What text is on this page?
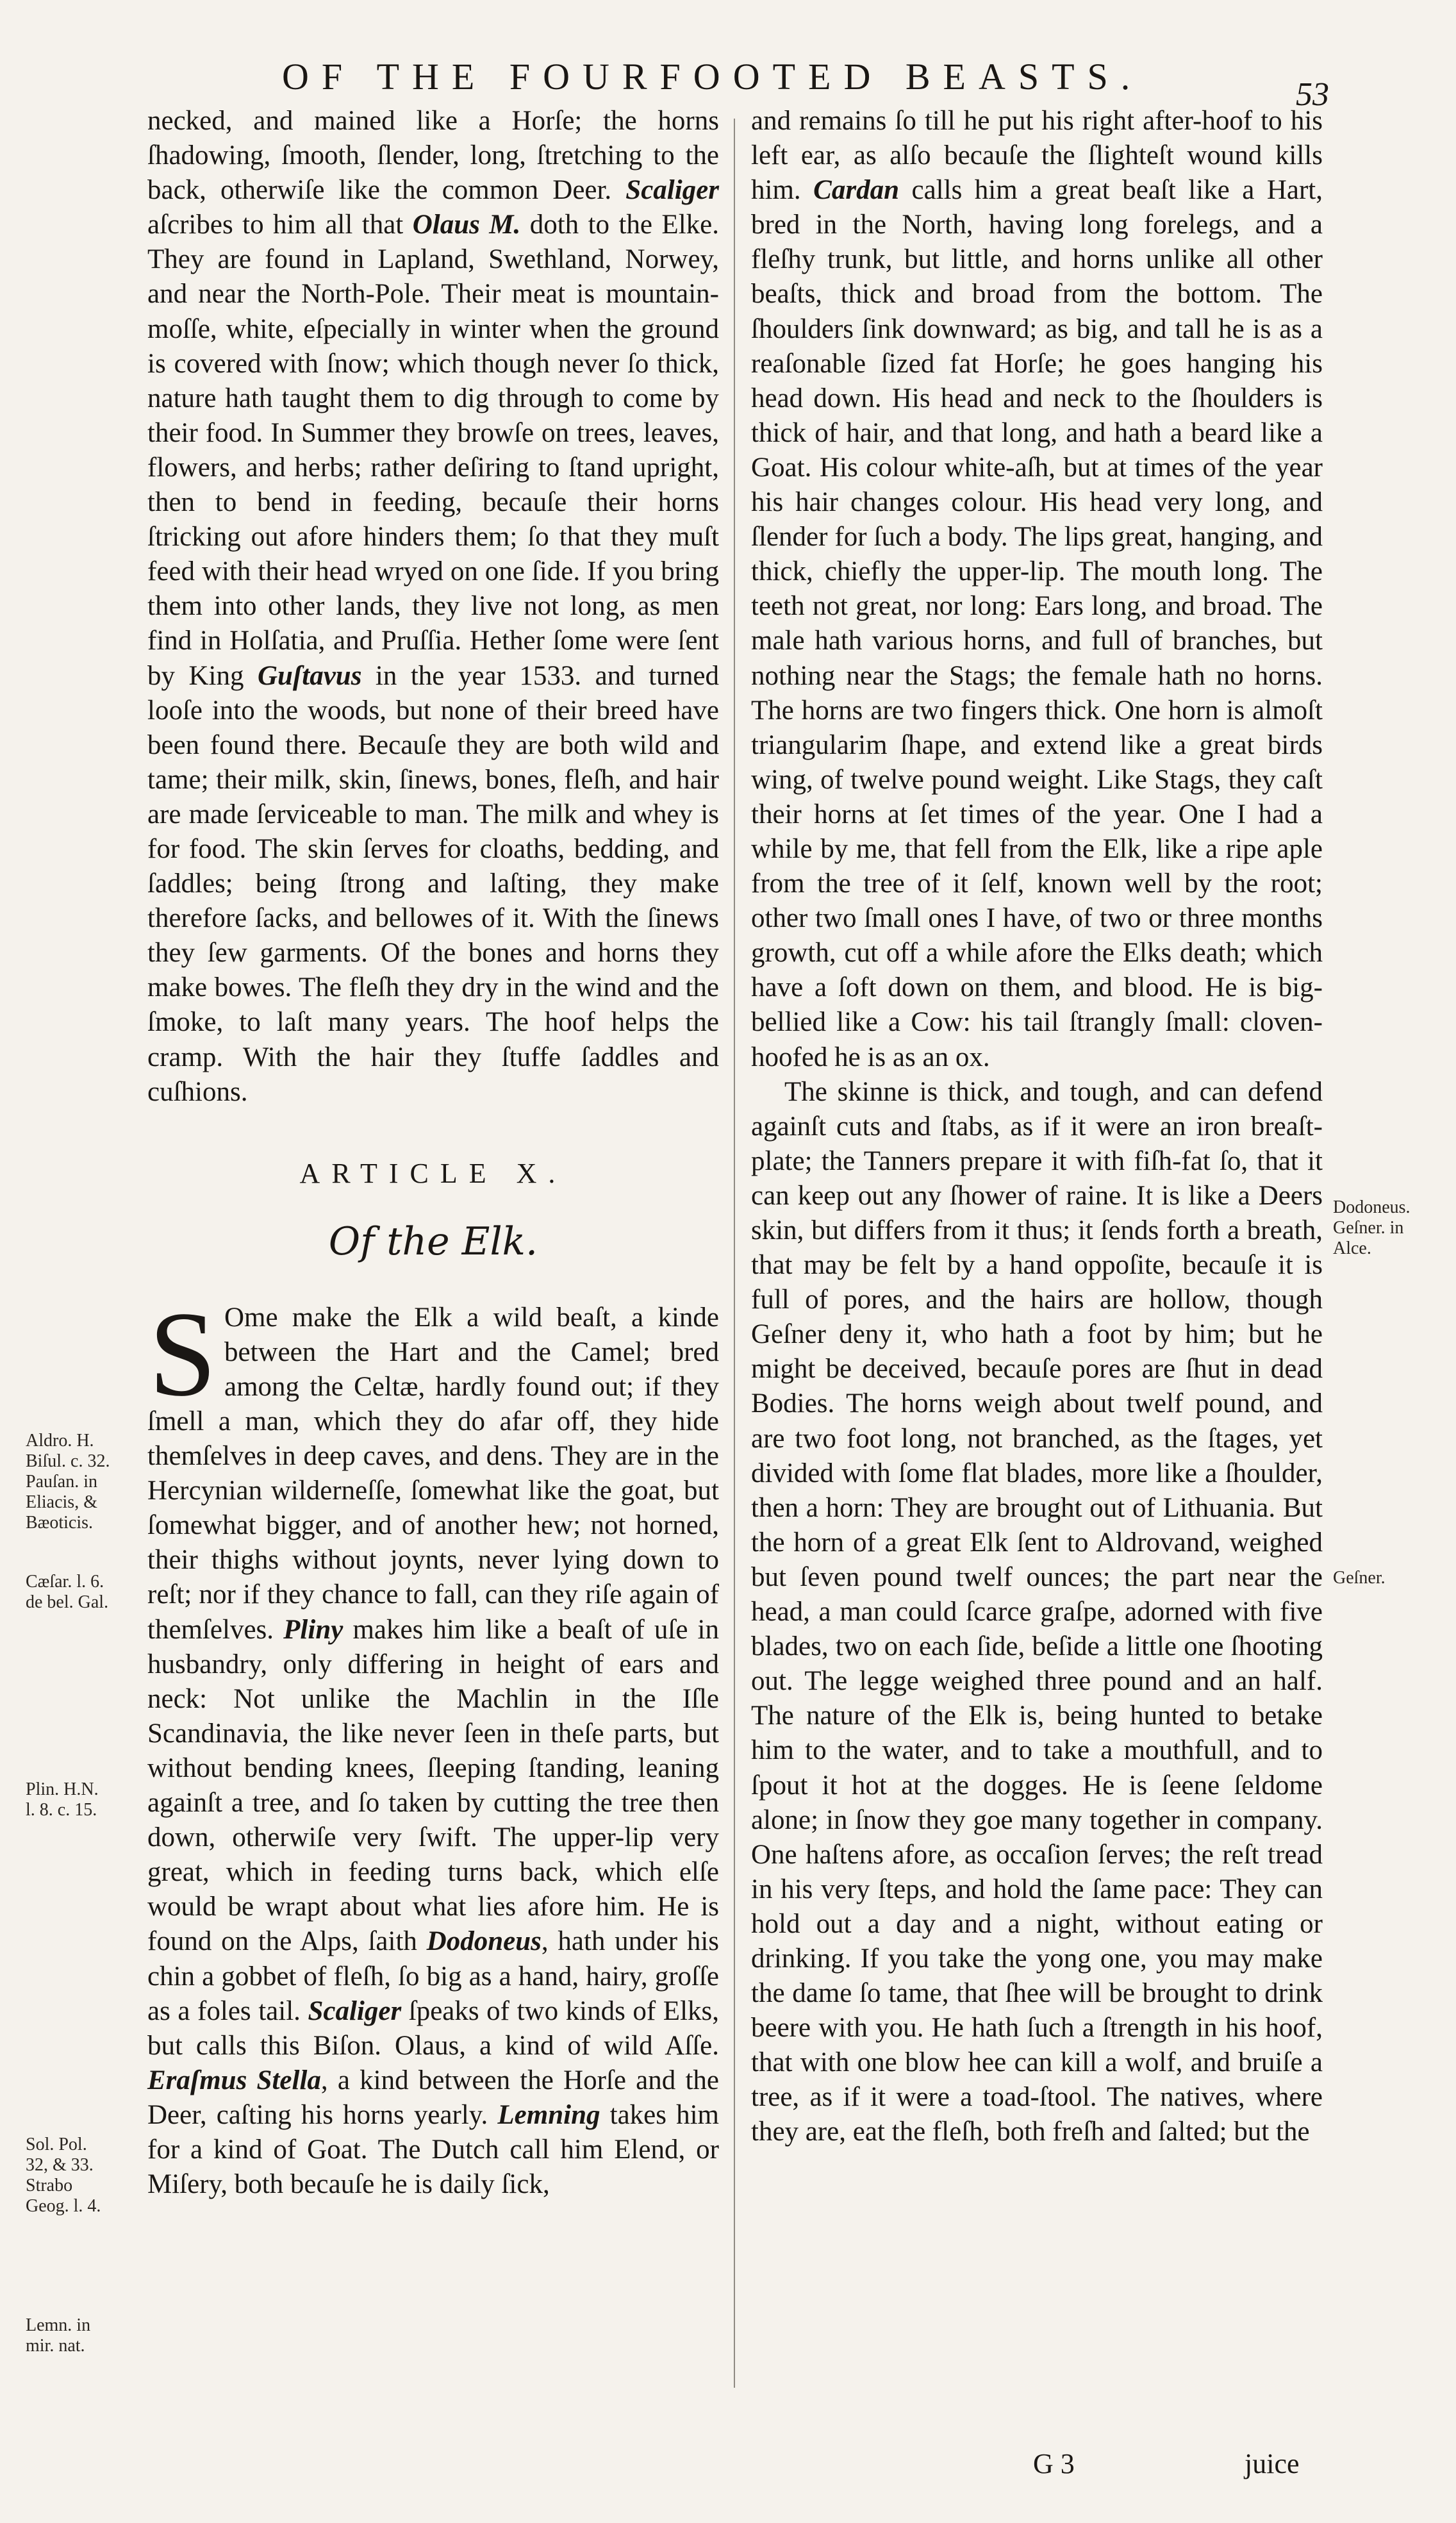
OF THE FOURFOOTED BEASTS.	53

necked, and mained like a Horſe; the horns ſhadowing, ſmooth, ſlender, long, ſtretching to the back, otherwiſe like the common Deer. Scaliger aſcribes to him all that Olaus M. doth to the Elke. They are found in Lapland, Swethland, Norwey, and near the North-Pole. Their meat is mountain-moſſe, white, eſpecially in winter when the ground is covered with ſnow; which though never ſo thick, nature hath taught them to dig through to come by their food. In Summer they browſe on trees, leaves, flowers, and herbs; rather deſiring to ſtand upright, then to bend in feeding, becauſe their horns ſtricking out afore hinders them; ſo that they muſt feed with their head wryed on one ſide. If you bring them into other lands, they live not long, as men find in Holſatia, and Pruſſia. Hether ſome were ſent by King Guſtavus in the year 1533. and turned looſe into the woods, but none of their breed have been found there. Becauſe they are both wild and tame; their milk, skin, ſinews, bones, fleſh, and hair are made ſerviceable to man. The milk and whey is for food. The skin ſerves for cloaths, bedding, and ſaddles; being ſtrong and laſting, they make therefore ſacks, and bellowes of it. With the ſinews they ſew garments. Of the bones and horns they make bowes. The fleſh they dry in the wind and the ſmoke, to laſt many years. The hoof helps the cramp. With the hair they ſtuffe ſaddles and cuſhions.

ARTICLE X.
Of the Elk.

S Ome make the Elk a wild beaſt, a kinde between the Hart and the Camel; bred among the Celtæ, hardly found out; if they ſmell a man, which they do afar off, they hide themſelves in deep caves, and dens. They are in the Hercynian wilderneſſe, ſomewhat like the goat, but ſomewhat bigger, and of another hew; not horned, their thighs without joynts, never lying down to reſt; nor if they chance to fall, can they riſe again of themſelves. Pliny makes him like a beaſt of uſe in husbandry, only differing in height of ears and neck: Not unlike the Machlin in the Iſle Scandinavia, the like never ſeen in theſe parts, but without bending knees, ſleeping ſtanding, leaning againſt a tree, and ſo taken by cutting the tree then down, otherwiſe very ſwift. The upper-lip very great, which in feeding turns back, which elſe would be wrapt about what lies afore him. He is found on the Alps, ſaith Dodoneus, hath under his chin a gobbet of fleſh, ſo big as a hand, hairy, groſſe as a foles tail. Scaliger ſpeaks of two kinds of Elks, but calls this Biſon. Olaus, a kind of wild Aſſe. Eraſmus Stella, a kind between the Horſe and the Deer, caſting his horns yearly. Lemning takes him for a kind of Goat. The Dutch call him Elend, or Miſery, both becauſe he is daily ſick,

and remains ſo till he put his right after-hoof to his left ear, as alſo becauſe the ſlighteſt wound kills him. Cardan calls him a great beaſt like a Hart, bred in the North, having long forelegs, and a fleſhy trunk, but little, and horns unlike all other beaſts, thick and broad from the bottom. The ſhoulders ſink downward; as big, and tall he is as a reaſonable ſized fat Horſe; he goes hanging his head down. His head and neck to the ſhoulders is thick of hair, and that long, and hath a beard like a Goat. His colour white-aſh, but at times of the year his hair changes colour. His head very long, and ſlender for ſuch a body. The lips great, hanging, and thick, chiefly the upper-lip. The mouth long. The teeth not great, nor long: Ears long, and broad. The male hath various horns, and full of branches, but nothing near the Stags; the female hath no horns. The horns are two fingers thick. One horn is almoſt triangularim ſhape, and extend like a great birds wing, of twelve pound weight. Like Stags, they caſt their horns at ſet times of the year. One I had a while by me, that fell from the Elk, like a ripe aple from the tree of it ſelf, known well by the root; other two ſmall ones I have, of two or three months growth, cut off a while afore the Elks death; which have a ſoft down on them, and blood. He is big-bellied like a Cow: his tail ſtrangly ſmall: cloven-hoofed he is as an ox.

The skinne is thick, and tough, and can defend againſt cuts and ſtabs, as if it were an iron breaſt-plate; the Tanners prepare it with fiſh-fat ſo, that it can keep out any ſhower of raine. It is like a Deers skin, but differs from it thus; it ſends forth a breath, that may be felt by a hand oppoſite, becauſe it is full of pores, and the hairs are hollow, though Geſner deny it, who hath a foot by him; but he might be deceived, becauſe pores are ſhut in dead Bodies. The horns weigh about twelf pound, and are two foot long, not branched, as the ſtages, yet divided with ſome flat blades, more like a ſhoulder, then a horn: They are brought out of Lithuania. But the horn of a great Elk ſent to Aldrovand, weighed but ſeven pound twelf ounces; the part near the head, a man could ſcarce graſpe, adorned with five blades, two on each ſide, beſide a little one ſhooting out. The legge weighed three pound and an half. The nature of the Elk is, being hunted to betake him to the water, and to take a mouthfull, and to ſpout it hot at the dogges. He is ſeene ſeldome alone; in ſnow they goe many together in company. One haſtens afore, as occaſion ſerves; the reſt tread in his very ſteps, and hold the ſame pace: They can hold out a day and a night, without eating or drinking. If you take the yong one, you may make the dame ſo tame, that ſhee will be brought to drink beere with you. He hath ſuch a ſtrength in his hoof, that with one blow hee can kill a wolf, and bruiſe a tree, as if it were a toad-ſtool. The natives, where they are, eat the fleſh, both freſh and ſalted; but the

Aldro. H.
Biſul. c. 32.
Pauſan. in
Eliacis, &
Bæoticis.
Cæſar. l. 6.
de bel. Gal.
Plin. H.N.
l. 8. c. 15.
Sol. Pol.
32, & 33.
Strabo
Geog. l. 4.
Lemn. in
mir. nat.
Dodoneus.
Geſner. in
Alce.
Geſner.
G 3	juice
